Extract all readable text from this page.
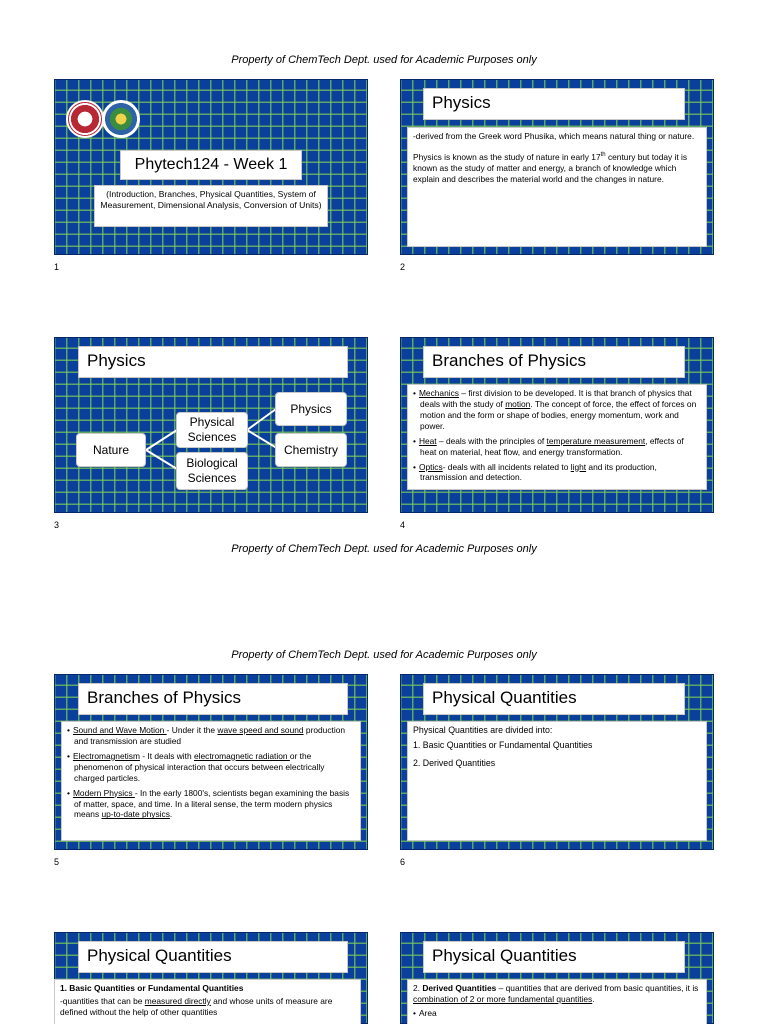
Property of ChemTech Dept. used for Academic Purposes only
Phytech124 - Week 1
(Introduction, Branches, Physical Quantities, System of Measurement, Dimensional Analysis, Conversion of Units)
1
Physics

-derived from the Greek word Phusika, which means natural thing or nature.

Physics is known as the study of nature in early 17th century but today it is known as the study of matter and energy, a branch of knowledge which explain and describes the material world and the changes in nature.

2
Physics
Nature
Physical Sciences
Biological Sciences
Physics
Chemistry
3
Branches of Physics
• Mechanics – first division to be developed. It is that branch of physics that deals with the study of motion. The concept of force, the effect of forces on motion and the form or shape of bodies, energy momentum, work and power.
• Heat – deals with the principles of temperature measurement, effects of heat on material, heat flow, and energy transformation.
• Optics- deals with all incidents related to light and its production, transmission and detection.
4
Property of ChemTech Dept. used for Academic Purposes only
Property of ChemTech Dept. used for Academic Purposes only
Branches of Physics
• Sound and Wave Motion - Under it the wave speed and sound production and transmission are studied
• Electromagnetism - It deals with electromagnetic radiation or the phenomenon of physical interaction that occurs between electrically charged particles.
• Modern Physics - In the early 1800's, scientists began examining the basis of matter, space, and time. In a literal sense, the term modern physics means up-to-date physics.
5
Physical Quantities

Physical Quantities are divided into:

1. Basic Quantities or Fundamental Quantities
2. Derived Quantities
6
Physical Quantities

1. Basic Quantities or Fundamental Quantities

-quantities that can be measured directly and whose units of measure are defined without the help of other quantities

Physical Quantities

2. Derived Quantities – quantities that are derived from basic quantities, it is combination of 2 or more fundamental quantities.

• Area
